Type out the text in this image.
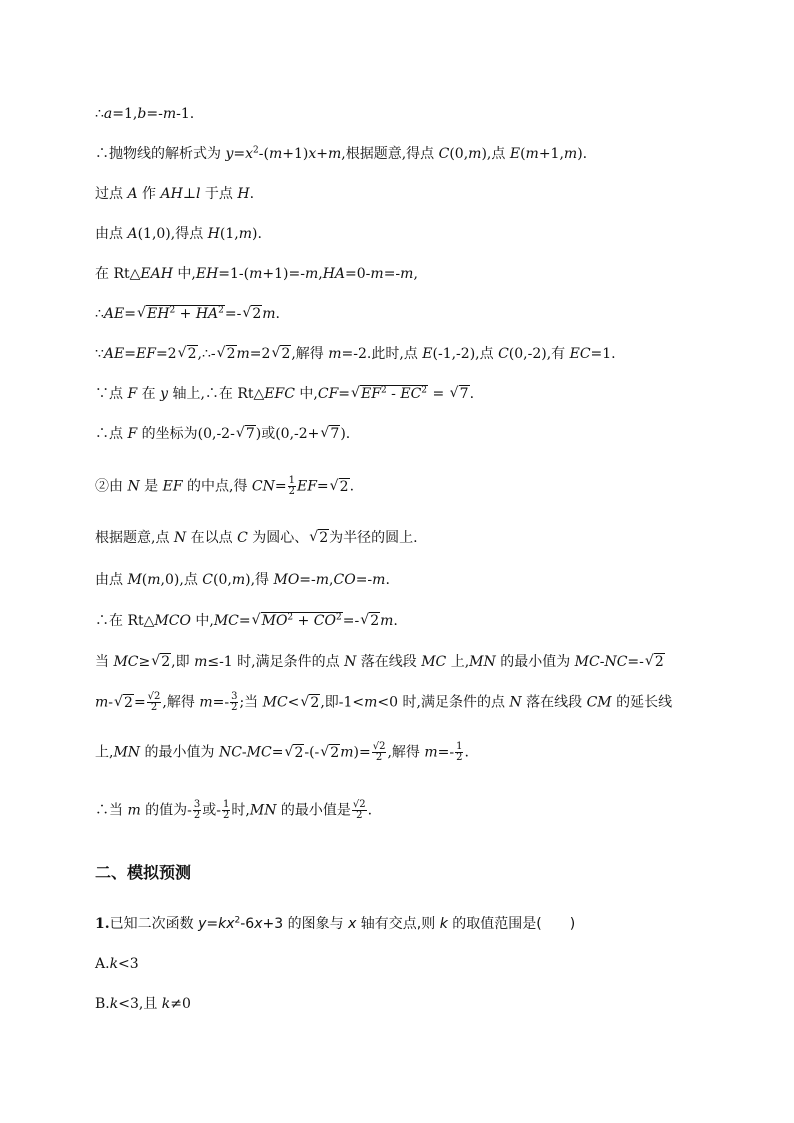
∴a=1,b=-m-1.
∴抛物线的解析式为 $y=x^2-(m+1)x+m$,根据题意,得点 C(0,m),点 E(m+1,m).
过点 A 作 AH⊥l 于点 H.
由点 A(1,0),得点 H(1,m).
在 Rt△EAH 中,EH=1-(m+1)=-m,HA=0-m=-m,
∴AE=√ $EH^2 + HA^2=-√$ 2m.
∵AE=EF=2√ 2,∴-√ 2m=2√ 2,解得 m=-2.此时,点 E(-1,-2),点 C(0,-2),有 EC=1.
∵点 F 在 y 轴上,∴在 Rt△EFC 中,CF=√ $EF^2 - EC^2$ = √ 7.
∴点 F 的坐标为(0,-2-√ 7)或(0,-2+√ 7).
②由 N 是 EF 的中点,得 $CN= \frac{1}{2} EF=√$ 2.
根据题意,点 N 在以点 C 为圆心、√ 2为半径的圆上.
由点 M(m,0),点 C(0,m),得 MO=-m,CO=-m.
∴在 Rt△MCO 中,MC=√ $MO^2 + CO^2=-√$ 2m.
当 MC≥√ 2,即 m≤-1 时,满足条件的点 N 落在线段 MC 上,MN 的最小值为 MC-NC=-√ 2
m-√ $2= \frac{√2}{2}$ ,解得 $m=- \frac{3}{2}$ ;当 MC<√ 2,即-1<m<0 时,满足条件的点 N 落在线段 CM 的延长线
上,MN 的最小值为 NC-MC=√ 2-(-√ $2m)= \frac{√2}{2}$ ,解得 $m=- \frac{1}{2}$ .
∴当 m 的值为- $\frac{3}{2}$ 或- $\frac{1}{2}$ 时,MN 的最小值是 $\frac{√2}{2}$ .
二、模拟预测
1.已知二次函数 $y=kx^2-6x+3$ 的图象与 x 轴有交点,则 k 的取值范围是(　　)
A.k<3
B.k<3,且 k≠0
